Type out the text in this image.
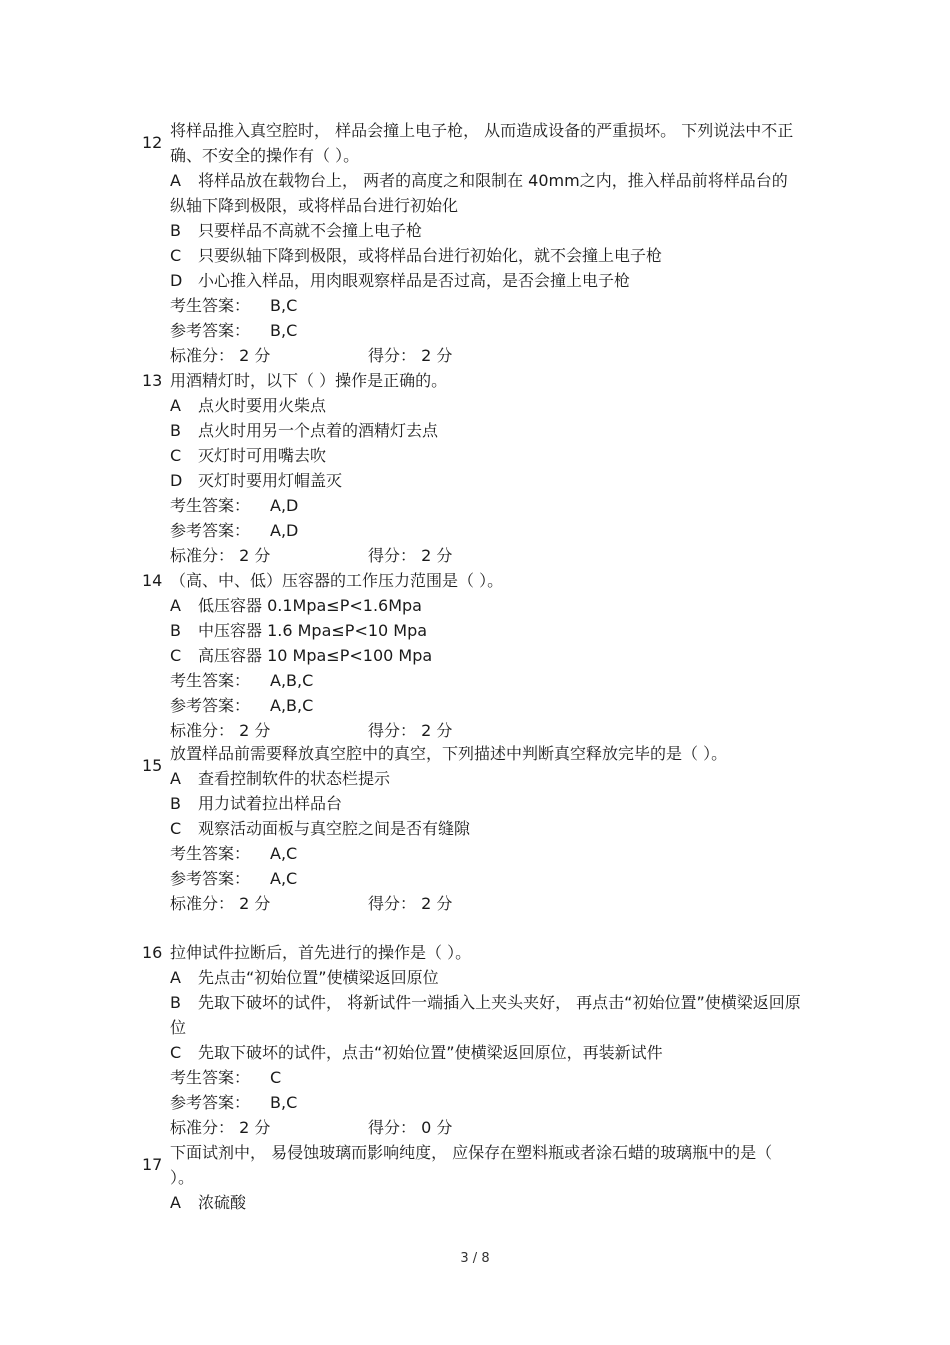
12
将样品推入真空腔时， 样品会撞上电子枪， 从而造成设备的严重损坏。 下列说法中不正确、不安全的操作有（ ）。
A 将样品放在载物台上， 两者的高度之和限制在 40mm之内，推入样品前将样品台的纵轴下降到极限，或将样品台进行初始化
B 只要样品不高就不会撞上电子枪
C 只要纵轴下降到极限，或将样品台进行初始化，就不会撞上电子枪
D 小心推入样品，用肉眼观察样品是否过高，是否会撞上电子枪
考生答案： B,C
参考答案： B,C
标准分： 2 分	得分： 2 分
13 用酒精灯时，以下（ ）操作是正确的。
A 点火时要用火柴点
B 点火时用另一个点着的酒精灯去点
C 灭灯时可用嘴去吹
D 灭灯时要用灯帽盖灭
考生答案： A,D
参考答案： A,D
标准分： 2 分	得分： 2 分
14 （高、中、低）压容器的工作压力范围是（ ）。
A 低压容器 0.1Mpa≤P<1.6Mpa
B 中压容器 1.6 Mpa≤P<10 Mpa
C 高压容器 10 Mpa≤P<100 Mpa
考生答案： A,B,C
参考答案： A,B,C
标准分： 2 分	得分： 2 分
15
放置样品前需要释放真空腔中的真空，下列描述中判断真空释放完毕的是（ ）。
A 查看控制软件的状态栏提示
B 用力试着拉出样品台
C 观察活动面板与真空腔之间是否有缝隙
考生答案： A,C
参考答案： A,C
标准分： 2 分	得分： 2 分
16 拉伸试件拉断后，首先进行的操作是（ ）。
A 先点击“初始位置”使横梁返回原位
B 先取下破坏的试件， 将新试件一端插入上夹头夹好， 再点击“初始位置”使横梁返回原位
C 先取下破坏的试件，点击“初始位置”使横梁返回原位，再装新试件
考生答案： C
参考答案： B,C
标准分： 2 分	得分： 0 分
17
下面试剂中， 易侵蚀玻璃而影响纯度， 应保存在塑料瓶或者涂石蜡的玻璃瓶中的是（ ）。
A 浓硫酸
3 / 8
